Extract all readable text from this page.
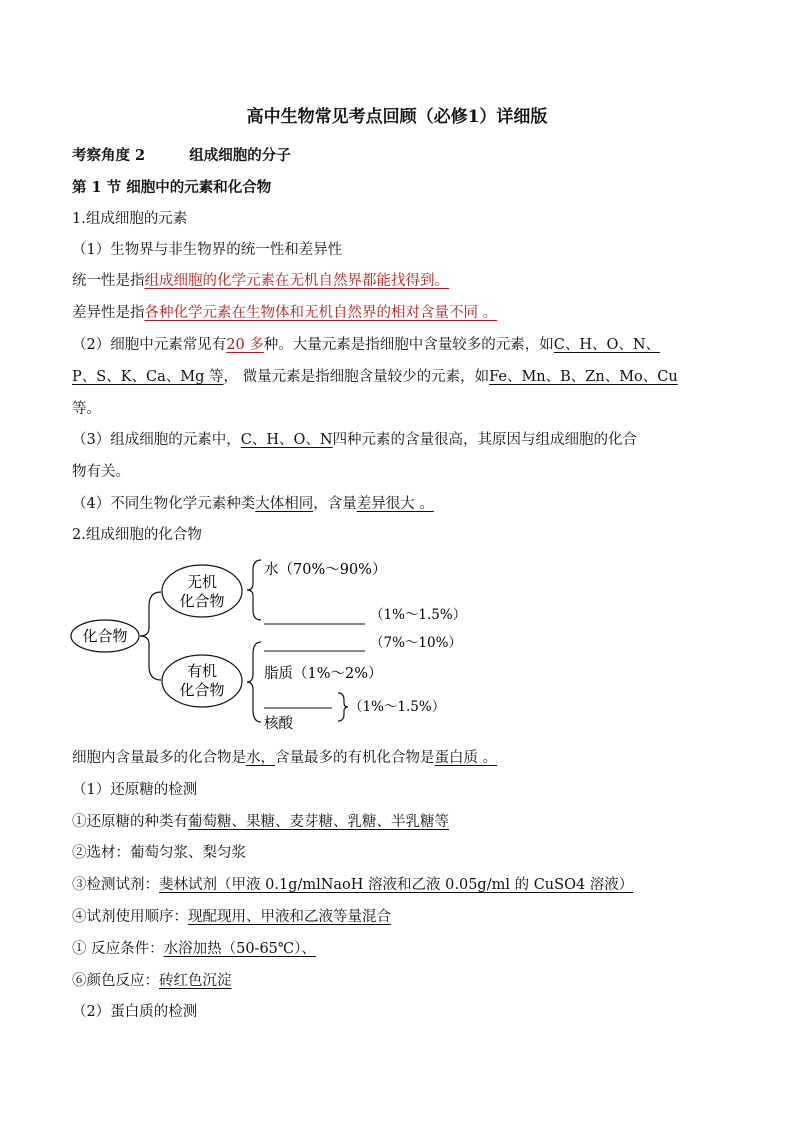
高中生物常见考点回顾（必修1）详细版
考察角度 2	组成细胞的分子
第 1 节 细胞中的元素和化合物
1.组成细胞的元素
（1）生物界与非生物界的统一性和差异性
统一性是指组成细胞的化学元素在无机自然界都能找得到。
差异性是指各种化学元素在生物体和无机自然界的相对含量不同 。
（2）细胞中元素常见有20 多种。大量元素是指细胞中含量较多的元素，如C、H、O、N、
P、S、K、Ca、Mg 等， 微量元素是指细胞含量较少的元素，如Fe、Mn、B、Zn、Mo、Cu
等。
（3）组成细胞的元素中，C、H、O、N四种元素的含量很高，其原因与组成细胞的化合
物有关。
（4）不同生物化学元素种类大体相同，含量差异很大 。
2.组成细胞的化合物
化合物
无机
化合物
有机
化合物
水（70%～90%）
（1%～1.5%）
（7%～10%）
脂质（1%～2%）
（1%～1.5%）
核酸
细胞内含量最多的化合物是水，含量最多的有机化合物是蛋白质 。
（1）还原糖的检测
①还原糖的种类有葡萄糖、果糖、麦芽糖、乳糖、半乳糖等
②选材：葡萄匀浆、梨匀浆
③检测试剂：斐林试剂（甲液 0.1g/mlNaoH 溶液和乙液 0.05g/ml 的 CuSO4 溶液）
④试剂使用顺序：现配现用、甲液和乙液等量混合
① 反应条件：水浴加热（50-65℃）、
⑥颜色反应：砖红色沉淀
（2）蛋白质的检测
